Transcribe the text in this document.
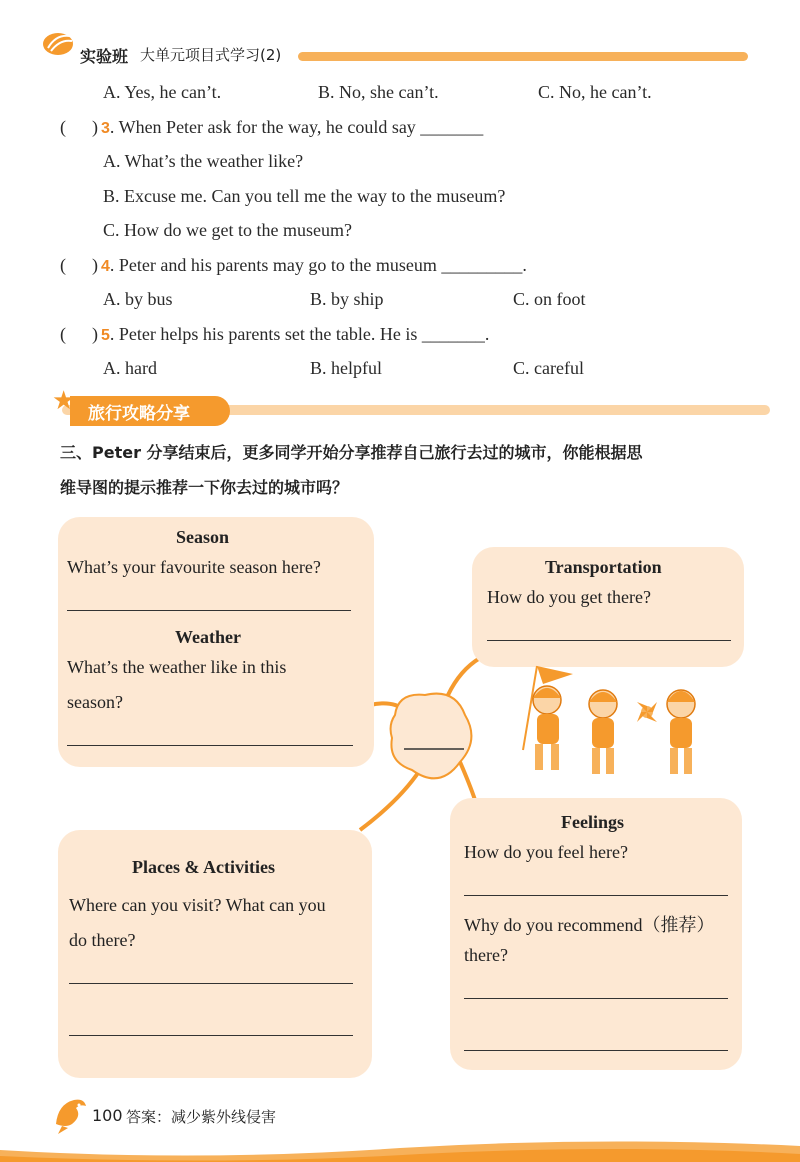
实验班 大单元项目式学习(2)
A. Yes, he can’t.	B. No, she can’t.	C. No, he can’t.
( ) 3. When Peter ask for the way, he could say _______
A. What’s the weather like?
B. Excuse me. Can you tell me the way to the museum?
C. How do we get to the museum?
( ) 4. Peter and his parents may go to the museum _________.
A. by bus	B. by ship	C. on foot
( ) 5. Peter helps his parents set the table. He is _______.
A. hard	B. helpful	C. careful
★ 旅行攻略分享
三、Peter 分享结束后，更多同学开始分享推荐自己旅行去过的城市，你能根据思
维导图的提示推荐一下你去过的城市吗？
Season
What’s your favourite season here?
Weather
What’s the weather like in this
season?
Transportation
How do you get there?
Places & Activities
Where can you visit? What can you
do there?
Feelings
How do you feel here?
Why do you recommend（推荐）
there?
100 答案：减少紫外线侵害
